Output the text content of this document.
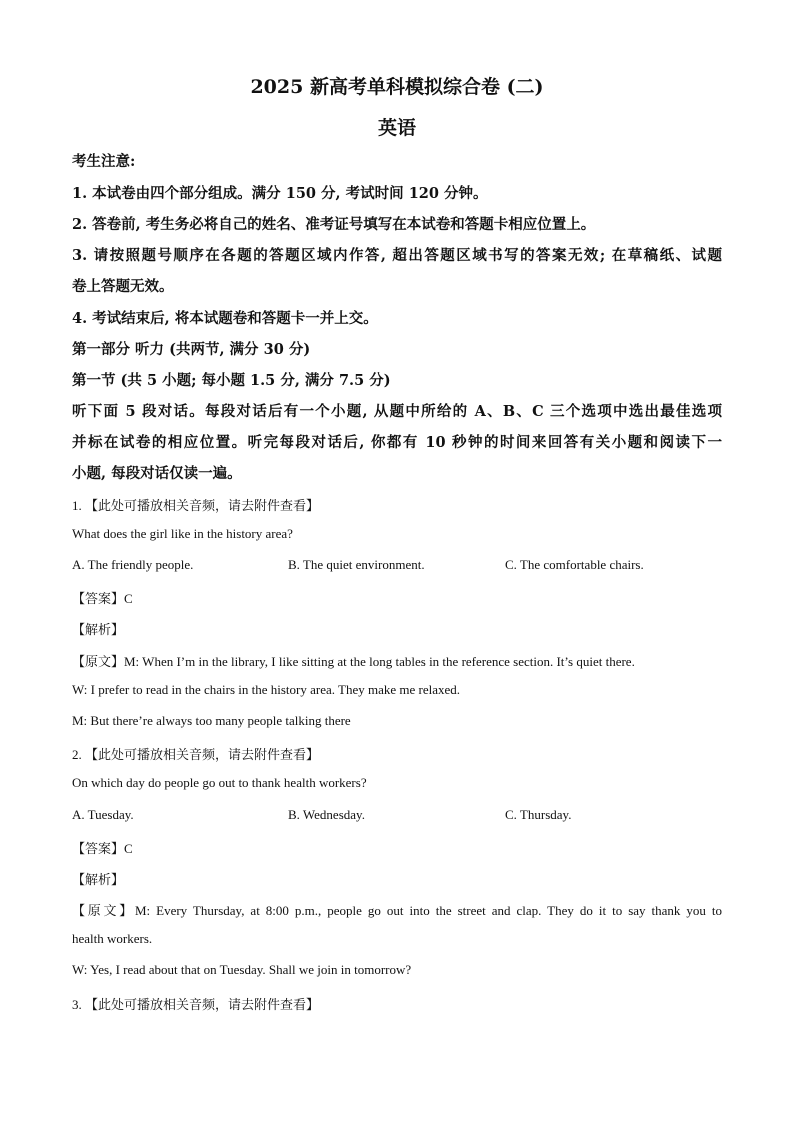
2025 新高考单科模拟综合卷 (二)
英语
考生注意:
1. 本试卷由四个部分组成。满分 150 分, 考试时间 120 分钟。
2. 答卷前, 考生务必将自己的姓名、准考证号填写在本试卷和答题卡相应位置上。
3. 请按照题号顺序在各题的答题区域内作答, 超出答题区域书写的答案无效; 在草稿纸、试题
卷上答题无效。
4. 考试结束后, 将本试题卷和答题卡一并上交。
第一部分 听力 (共两节, 满分 30 分)
第一节 (共 5 小题; 每小题 1.5 分, 满分 7.5 分)
听下面 5 段对话。每段对话后有一个小题, 从题中所给的 A、B、C 三个选项中选出最佳选项
并标在试卷的相应位置。听完每段对话后, 你都有 10 秒钟的时间来回答有关小题和阅读下一
小题, 每段对话仅读一遍。
1. 【此处可播放相关音频，请去附件查看】
What does the girl like in the history area?
A. The friendly people.	B. The quiet environment.	C. The comfortable chairs.
【答案】C
【解析】
【原文】M: When I’m in the library, I like sitting at the long tables in the reference section. It’s quiet there.
W: I prefer to read in the chairs in the history area. They make me relaxed.
M: But there’re always too many people talking there
2. 【此处可播放相关音频，请去附件查看】
On which day do people go out to thank health workers?
A. Tuesday.	B. Wednesday.	C. Thursday.
【答案】C
【解析】
【原文】M: Every Thursday, at 8:00 p.m., people go out into the street and clap. They do it to say thank you to
health workers.
W: Yes, I read about that on Tuesday. Shall we join in tomorrow?
3. 【此处可播放相关音频，请去附件查看】
